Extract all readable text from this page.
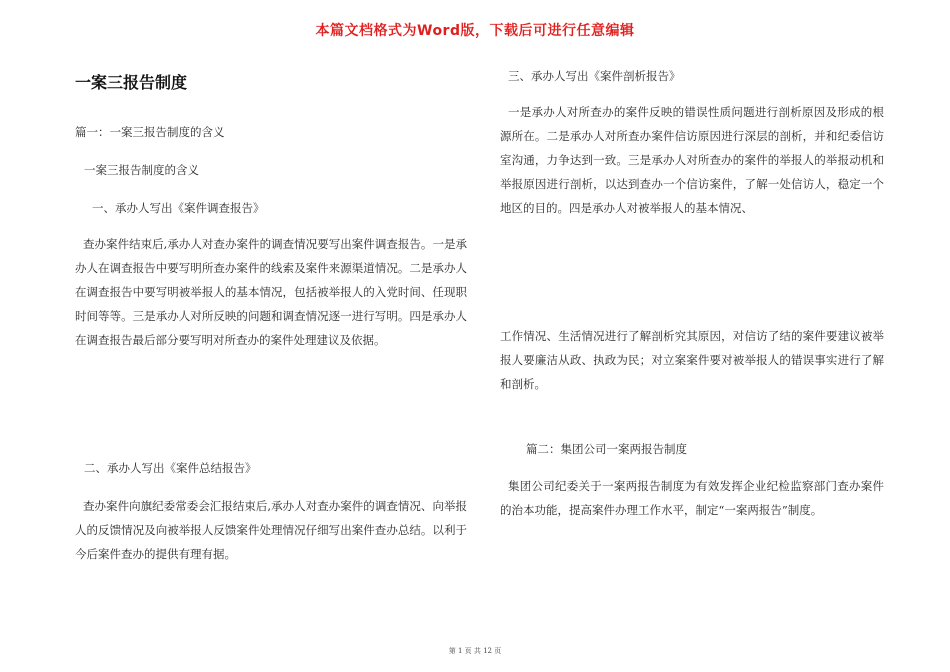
本篇文档格式为Word版，下载后可进行任意编辑
一案三报告制度
篇一：一案三报告制度的含义
一案三报告制度的含义
一、承办人写出《案件调查报告》
查办案件结束后,承办人对查办案件的调查情况要写出案件调查报告。一是承办人在调查报告中要写明所查办案件的线索及案件来源渠道情况。二是承办人在调查报告中要写明被举报人的基本情况，包括被举报人的入党时间、任现职时间等等。三是承办人对所反映的问题和调查情况逐一进行写明。四是承办人在调查报告最后部分要写明对所查办的案件处理建议及依据。
二、承办人写出《案件总结报告》
查办案件向旗纪委常委会汇报结束后,承办人对查办案件的调查情况、向举报人的反馈情况及向被举报人反馈案件处理情况仔细写出案件查办总结。以利于今后案件查办的提供有理有据。
三、承办人写出《案件剖析报告》
一是承办人对所查办的案件反映的错误性质问题进行剖析原因及形成的根源所在。二是承办人对所查办案件信访原因进行深层的剖析，并和纪委信访室沟通，力争达到一致。三是承办人对所查办的案件的举报人的举报动机和举报原因进行剖析，以达到查办一个信访案件，了解一处信访人，稳定一个地区的目的。四是承办人对被举报人的基本情况、
工作情况、生活情况进行了解剖析究其原因，对信访了结的案件要建议被举报人要廉洁从政、执政为民；对立案案件要对被举报人的错误事实进行了解和剖析。
篇二：集团公司一案两报告制度
集团公司纪委关于一案两报告制度为有效发挥企业纪检监察部门查办案件的治本功能，提高案件办理工作水平，制定“一案两报告”制度。
第 1 页 共 12 页
